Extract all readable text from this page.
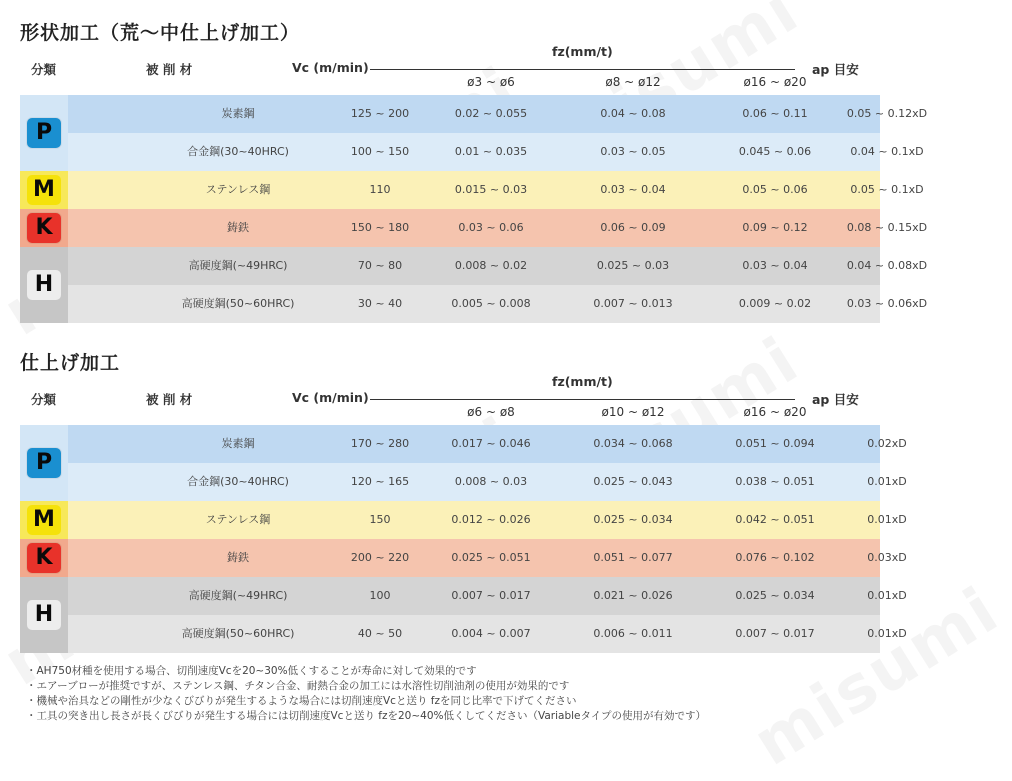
形状加工（荒〜中仕上げ加工）
分類	被 削 材	Vc (m/min)
fz(mm/t)
ap 目安
ø3 ~ ø6	ø8 ~ ø12	ø16 ~ ø20
P
炭素鋼	125 ~ 200	0.02 ~ 0.055	0.04 ~ 0.08	0.06 ~ 0.11	0.05 ~ 0.12xD
合金鋼(30~40HRC)	100 ~ 150	0.01 ~ 0.035	0.03 ~ 0.05	0.045 ~ 0.06	0.04 ~ 0.1xD
M	ステンレス鋼	110	0.015 ~ 0.03	0.03 ~ 0.04	0.05 ~ 0.06	0.05 ~ 0.1xD
K	鋳鉄	150 ~ 180	0.03 ~ 0.06	0.06 ~ 0.09	0.09 ~ 0.12	0.08 ~ 0.15xD
H
高硬度鋼(~49HRC)	70 ~ 80	0.008 ~ 0.02	0.025 ~ 0.03	0.03 ~ 0.04	0.04 ~ 0.08xD
高硬度鋼(50~60HRC)	30 ~ 40	0.005 ~ 0.008	0.007 ~ 0.013	0.009 ~ 0.02	0.03 ~ 0.06xD
仕上げ加工
分類	被 削 材	Vc (m/min)
fz(mm/t)
ap 目安
ø6 ~ ø8	ø10 ~ ø12	ø16 ~ ø20
P
炭素鋼	170 ~ 280	0.017 ~ 0.046	0.034 ~ 0.068	0.051 ~ 0.094	0.02xD
合金鋼(30~40HRC)	120 ~ 165	0.008 ~ 0.03	0.025 ~ 0.043	0.038 ~ 0.051	0.01xD
M	ステンレス鋼	150	0.012 ~ 0.026	0.025 ~ 0.034	0.042 ~ 0.051	0.01xD
K	鋳鉄	200 ~ 220	0.025 ~ 0.051	0.051 ~ 0.077	0.076 ~ 0.102	0.03xD
H
高硬度鋼(~49HRC)	100	0.007 ~ 0.017	0.021 ~ 0.026	0.025 ~ 0.034	0.01xD
高硬度鋼(50~60HRC)	40 ~ 50	0.004 ~ 0.007	0.006 ~ 0.011	0.007 ~ 0.017	0.01xD
・AH750材種を使用する場合、切削速度Vcを20~30%低くすることが寿命に対して効果的です
・エアーブローが推奨ですが、ステンレス鋼、チタン合金、耐熱合金の加工には水溶性切削油剤の使用が効果的です
・機械や治具などの剛性が少なくびびりが発生するような場合には切削速度Vcと送り fzを同じ比率で下げてください
・工具の突き出し長さが長くびびりが発生する場合には切削速度Vcと送り fzを20~40%低くしてください（Variableタイプの使用が有効です）
